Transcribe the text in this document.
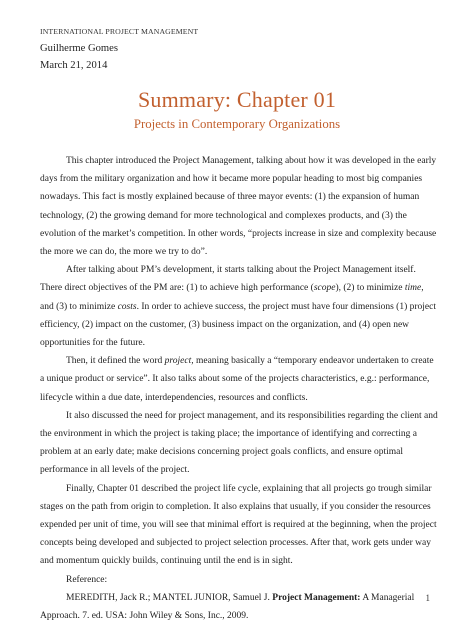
INTERNATIONAL PROJECT MANAGEMENT
Guilherme Gomes
March 21, 2014
Summary: Chapter 01
Projects in Contemporary Organizations

This chapter introduced the Project Management, talking about how it was developed in the early days from the military organization and how it became more popular heading to most big companies nowadays. This fact is mostly explained because of three mayor events: (1) the expansion of human technology, (2) the growing demand for more technological and complexes products, and (3) the evolution of the market’s competition. In other words, “projects increase in size and complexity because the more we can do, the more we try to do”.

After talking about PM’s development, it starts talking about the Project Management itself. There direct objectives of the PM are: (1) to achieve high performance (scope), (2) to minimize time, and (3) to minimize costs. In order to achieve success, the project must have four dimensions (1) project efficiency, (2) impact on the customer, (3) business impact on the organization, and (4) open new opportunities for the future.

Then, it defined the word project, meaning basically a “temporary endeavor undertaken to create a unique product or service”. It also talks about some of the projects characteristics, e.g.: performance, lifecycle within a due date, interdependencies, resources and conflicts.

It also discussed the need for project management, and its responsibilities regarding the client and the environment in which the project is taking place; the importance of identifying and correcting a problem at an early date; make decisions concerning project goals conflicts, and ensure optimal performance in all levels of the project.

Finally, Chapter 01 described the project life cycle, explaining that all projects go trough similar stages on the path from origin to completion. It also explains that usually, if you consider the resources expended per unit of time, you will see that minimal effort is required at the beginning, when the project concepts being developed and subjected to project selection processes. After that, work gets under way and momentum quickly builds, continuing until the end is in sight.

Reference:

MEREDITH, Jack R.; MANTEL JUNIOR, Samuel J. Project Management: A Managerial Approach. 7. ed. USA: John Wiley & Sons, Inc., 2009.

1
